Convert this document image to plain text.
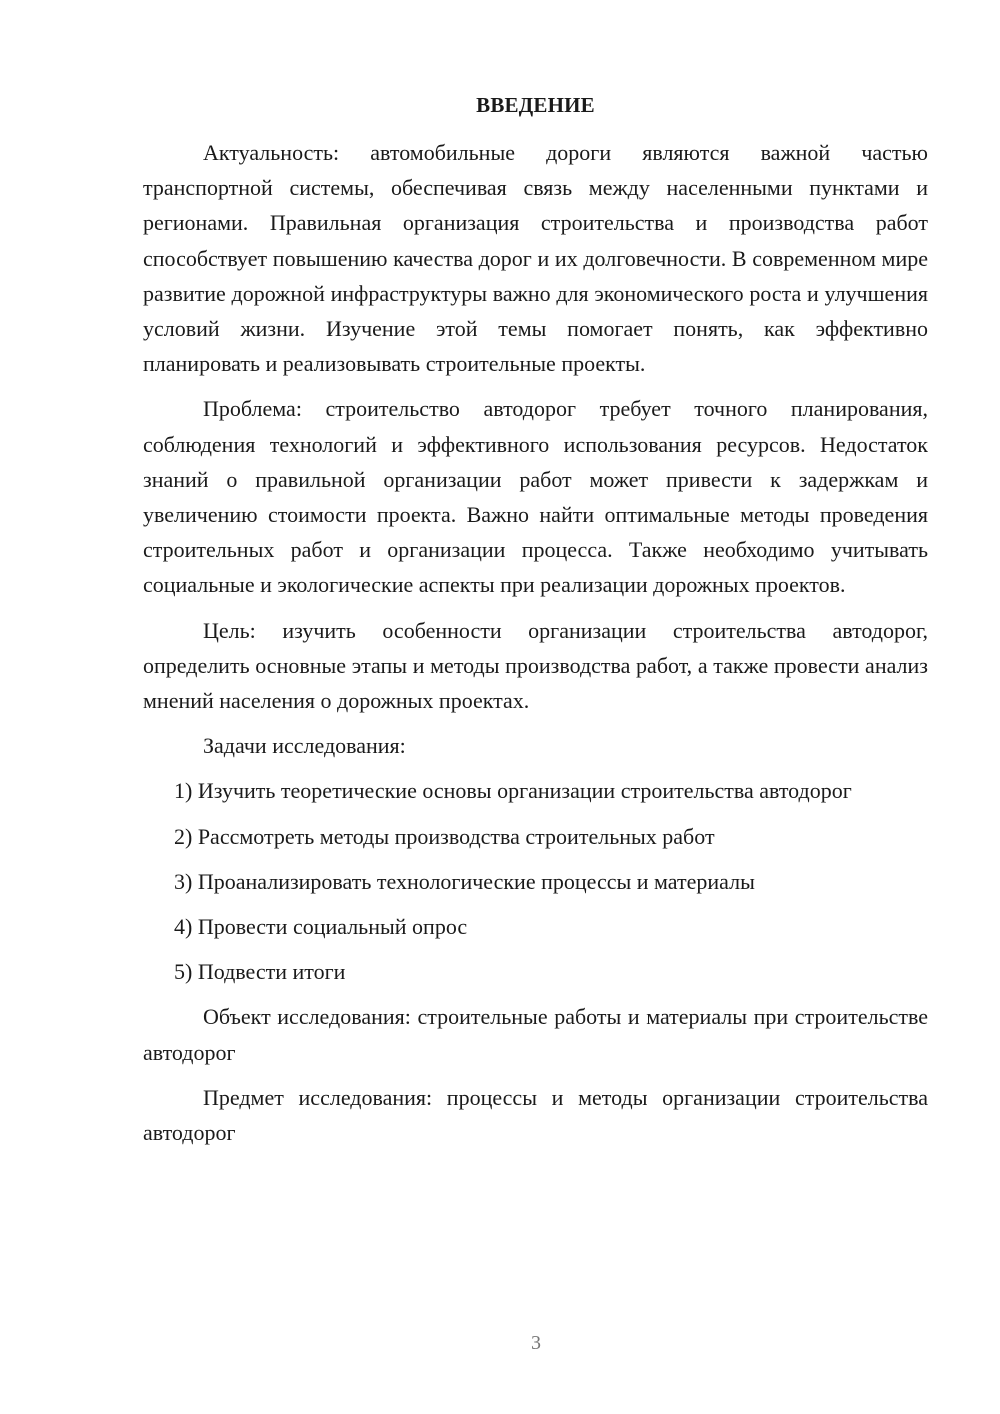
ВВЕДЕНИЕ

Актуальность: автомобильные дороги являются важной частью транспортной системы, обеспечивая связь между населенными пунктами и регионами. Правильная организация строительства и производства работ способствует повышению качества дорог и их долговечности. В современном мире развитие дорожной инфраструктуры важно для экономического роста и улучшения условий жизни. Изучение этой темы помогает понять, как эффективно планировать и реализовывать строительные проекты.

Проблема: строительство автодорог требует точного планирования, соблюдения технологий и эффективного использования ресурсов. Недостаток знаний о правильной организации работ может привести к задержкам и увеличению стоимости проекта. Важно найти оптимальные методы проведения строительных работ и организации процесса. Также необходимо учитывать социальные и экологические аспекты при реализации дорожных проектов.

Цель: изучить особенности организации строительства автодорог, определить основные этапы и методы производства работ, а также провести анализ мнений населения о дорожных проектах.

Задачи исследования:

1) Изучить теоретические основы организации строительства автодорог

2) Рассмотреть методы производства строительных работ

3) Проанализировать технологические процессы и материалы

4) Провести социальный опрос

5) Подвести итоги

Объект исследования: строительные работы и материалы при строительстве автодорог

Предмет исследования: процессы и методы организации строительства автодорог

3
